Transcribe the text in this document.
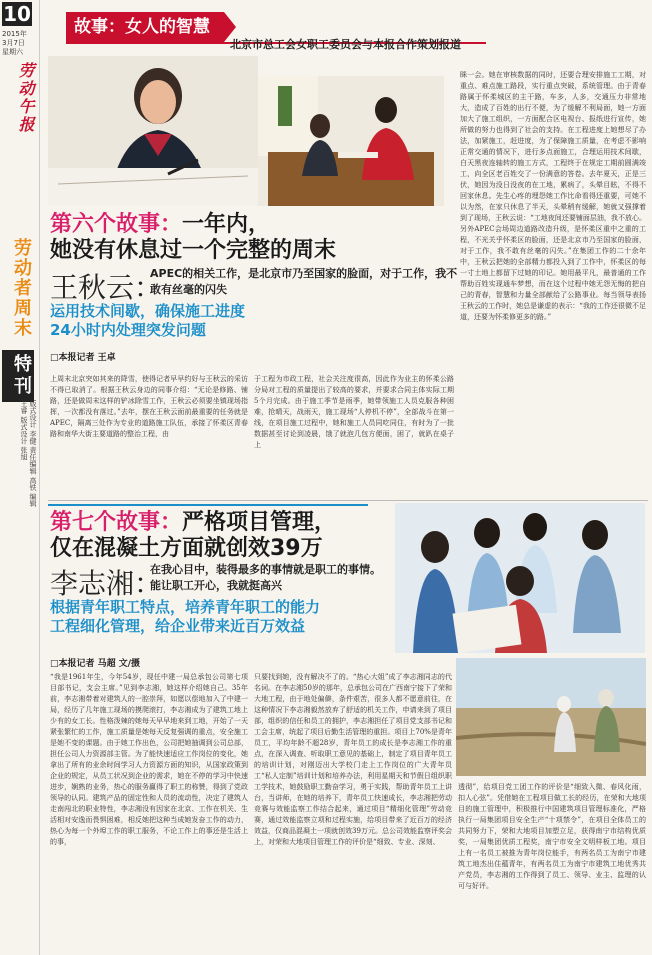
10
2015年
3月7日
星期六
劳动午报
劳动者周末
特刊
版式设计 李健 责任编辑 高铁 编辑 王睿 版式设计 张旭
故事：女人的智慧
北京市总工会女职工委员会与本报合作策划报道
第六个故事：一年内，
她没有休息过一个完整的周末
王秋云：
APEC的相关工作，是北京市乃至国家的脸面，对于工作，我不敢有丝毫的闪失
运用技术间歇，确保施工进度
24小时内处理突发问题
□本报记者 王卓
上周末北京突如其来的降雪，使得记者早早约好与王秋云的采访不得已取消了。根据王秋云身边的同事介绍：“无论是修路、铺路，还是做周末这样的铲冰除雪工作，王秋云必须要坐镇现场指挥，一次都没有落过。”去年，摆在王秋云面前最重要的任务就是APEC，隔离三处作为专业的道路施工队伍，承接了怀柔区青春路和南华大街主要道路的整治工程，由
于工程为市政工程，社会关注度很高，因此作为业主的怀柔公路分局对工程的质量提出了较高的要求，并要求合同主体实际工期5个月完成。由于施工季节是雨季，她带领施工人员克服各种困难，抢晴天，战雨天，施工现场“人停机不停”，全部战斗在第一线，在项目施工过程中，她和施工人员同吃同住，有时为了一批数据甚至讨论到凌晨，饿了就泡几包方便面，困了，就趴在桌子上
眯一会。她在审核数据的同时，还要合理安排施工工期，对重点、难点施工路段，实行重点突破，系统管理。由于青春路属于怀柔城区的主干路，车多，人多，交通压力非常地大，造成了百姓的出行不便，为了缓解不利局面，她一方面加大了施工组织，一方面配合区电视台、报纸进行宣传，她所做的努力也得到了社会的支持。在工程进度上她想尽了办法，加紧施工，赶进度，为了保障施工质量，在考虑不影响正常交通的情况下，进行多点面施工，合理运用技术间歇，白天黑夜连轴转的施工方式，工程终于在规定工期前圆满竣工，向全区老百姓交了一份满意的答卷。去年夏天，正是三伏，她因为没日没夜的在工地，累病了，头晕目眩，不得不回家休息。先生心疼的埋怨她工作比命看得还重要，可她不以为然，在家只休息了半天，头晕稍有缓解，她就又强撑着到了现场，王秋云说：“工地夜间还要铺面层油，我不放心。另外APEC会场周边道路改造升级，是怀柔区重中之重的工程，不光关乎怀柔区的脸面，还是北京市乃至国家的脸面，对于工作，我不敢有丝毫的闪失。”在集团工作的二十余年中，王秋云把她的全部精力都投入到了工作中，怀柔区的每一寸土地上都留下过她的印记。她用最平凡，最普通的工作帮助百姓实现通车梦想，而在这个过程中她无怨无悔的把自己的青春，智慧和力量全部献给了公路事业。每当领导表扬王秋云的工作时，她总是谦虚的表示：“我的工作还很微不足道，还要为怀柔修更多的路。”
第七个故事：严格项目管理，
仅在混凝土方面就创效39万
李志湘：
在我心目中，装得最多的事情就是职工的事情。能让职工开心，我就挺高兴
根据青年职工特点，培养青年职工的能力
工程细化管理，给企业带来近百万效益
□本报记者 马超 文/摄
“我是1961年生，今年54岁，现任中建一局总承包公司第七项目部书记，支会主席。”见到李志湘，她这样介绍她自己。35年前，李志湘带着对建筑人的一腔崇拜，如愿以偿地加入了中建一局，经历了几年施工现场的摸爬滚打，李志湘成为了建筑工地上少有的女工长。性格泼辣的她每天早早地来到工地，开始了一天紧张繁忙的工作，施工质量是她每天反复强调的重点，安全施工是她不变的课题。由于她工作出色，公司把她抽调到公司总部，担任公司人力资源部主管。为了能快速适应工作岗位的变化，她拿出了所有的业余时间学习人力资源方面的知识，从国家政策到企业的规定，从员工状况到企业的需求，她在不停的学习中快速进步，娴熟的业务，热心的服务赢得了职工的称赞，得到了党政领导的认同。建筑产品的固定性和人员的流动性，决定了建筑人走南闯北的职业特性，李志湘没有因家在北京、工作在机关、生活相对安逸而畏惧困难，相反她把这种当成她发奋工作的动力，热心为每一个外埠工作的职工服务，不论工作上的事还是生活上的事，
只要找到她，没有解决不了的。“热心大姐”成了李志湘同志的代名词。在李志湘50岁的那年，总承包公司在广西南宁接下了荣和大地工程，由于地处偏僻，条件艰苦，很多人都不愿意前往，在这种情况下李志湘毅然放弃了舒适的机关工作，申请来到了项目部，组织的信任和员工的拥护，李志湘担任了项目党支部书记和工会主席，统起了项目后勤生活管理的重担。项目上70%是青年员工，平均年龄不超28岁，青年员工的成长是李志湘工作的重点，在深入调查、听取职工意见的基础上，制定了项目青年员工的培训计划，对刚迈出大学校门走上工作岗位的广大青年员工“私人定制”培训计划和培养办法，利用星期天和节假日组织职工学技术，她鼓励职工勤奋学习，勇于实践，帮助青年员工上讲台，当讲师，在她的培养下，青年员工快速成长，李志湘把劳动竞赛与效能监察工作结合起来，通过项目“精细化管理”劳动竞赛，通过效能监察立项和过程实施，给项目带来了近百万的经济效益，仅商品混凝土一项就创效39万元。总公司效能监察评奖会上，对荣和大地项目管理工作的评价是“细致、专业、深刻、
透彻”，给项目党工团工作的评价是“细致入微、春风化雨，扣人心弦”。凭借她在工程项目做工长的经历，在荣和大地项目的施工管理中，积极推行中国建筑项目管理标准化，严格执行一局集团项目安全生产“十项禁令”，在项目全体员工的共同努力下，荣和大地项目加塑立足，获得南宁市结构优质奖，一局集团优质工程奖，南宁市安全文明样板工地。项目上有一名员工被推为青年岗位能手，有两名员工为南宁市建筑工地杰出住蕴青年，有两名员工为南宁市建筑工地优秀共产党员，李志湘的工作得到了员工、领导、业主、监理的认可与好评。
